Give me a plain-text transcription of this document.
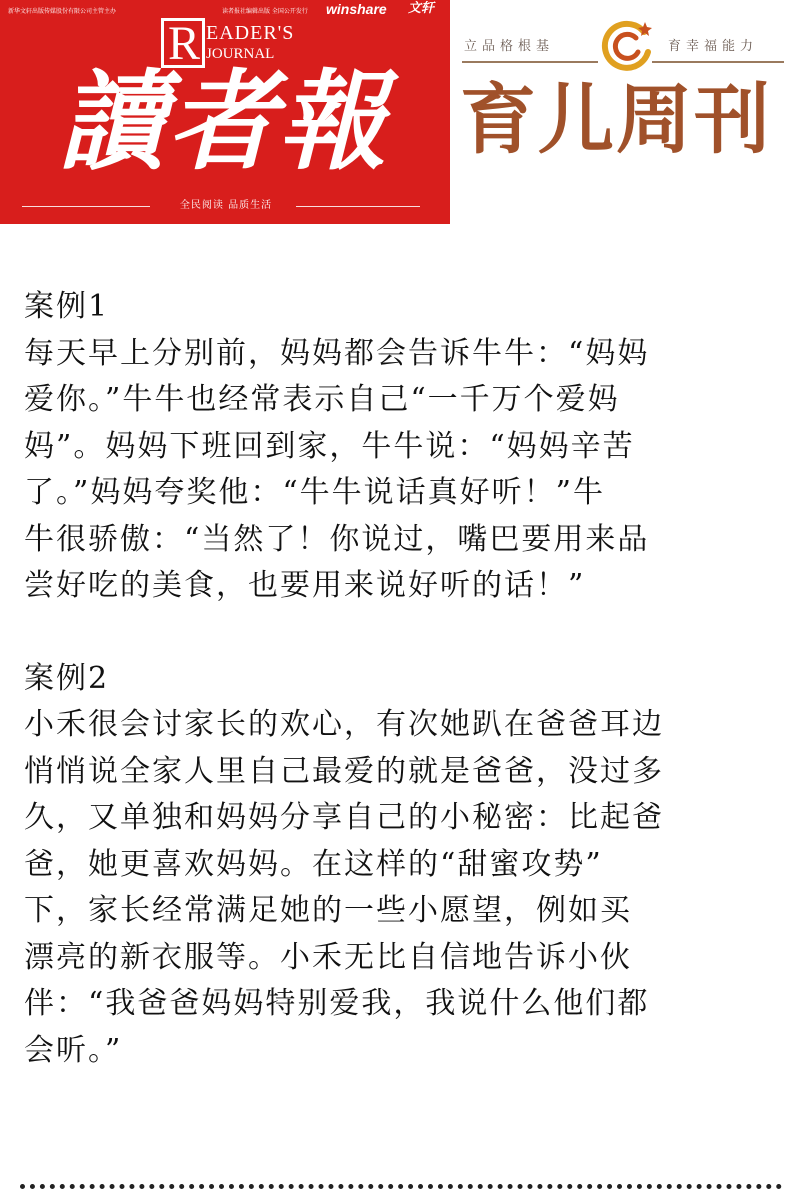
新华文轩出版传媒股份有限公司主管主办	读者报社编辑出版 全国公开发行 winshare 文轩
R EADER'S
JOURNAL
讀者報
全民阅读 品质生活
立品格根基	育幸福能力
育儿周刊
案例1
每天早上分别前，妈妈都会告诉牛牛：“妈妈
爱你。”牛牛也经常表示自己“一千万个爱妈
妈”。妈妈下班回到家，牛牛说：“妈妈辛苦
了。”妈妈夸奖他：“牛牛说话真好听！”牛
牛很骄傲：“当然了！你说过，嘴巴要用来品
尝好吃的美食，也要用来说好听的话！”
案例2
小禾很会讨家长的欢心，有次她趴在爸爸耳边
悄悄说全家人里自己最爱的就是爸爸，没过多
久，又单独和妈妈分享自己的小秘密：比起爸
爸，她更喜欢妈妈。在这样的“甜蜜攻势”
下，家长经常满足她的一些小愿望，例如买
漂亮的新衣服等。小禾无比自信地告诉小伙
伴：“我爸爸妈妈特别爱我，我说什么他们都
会听。”
